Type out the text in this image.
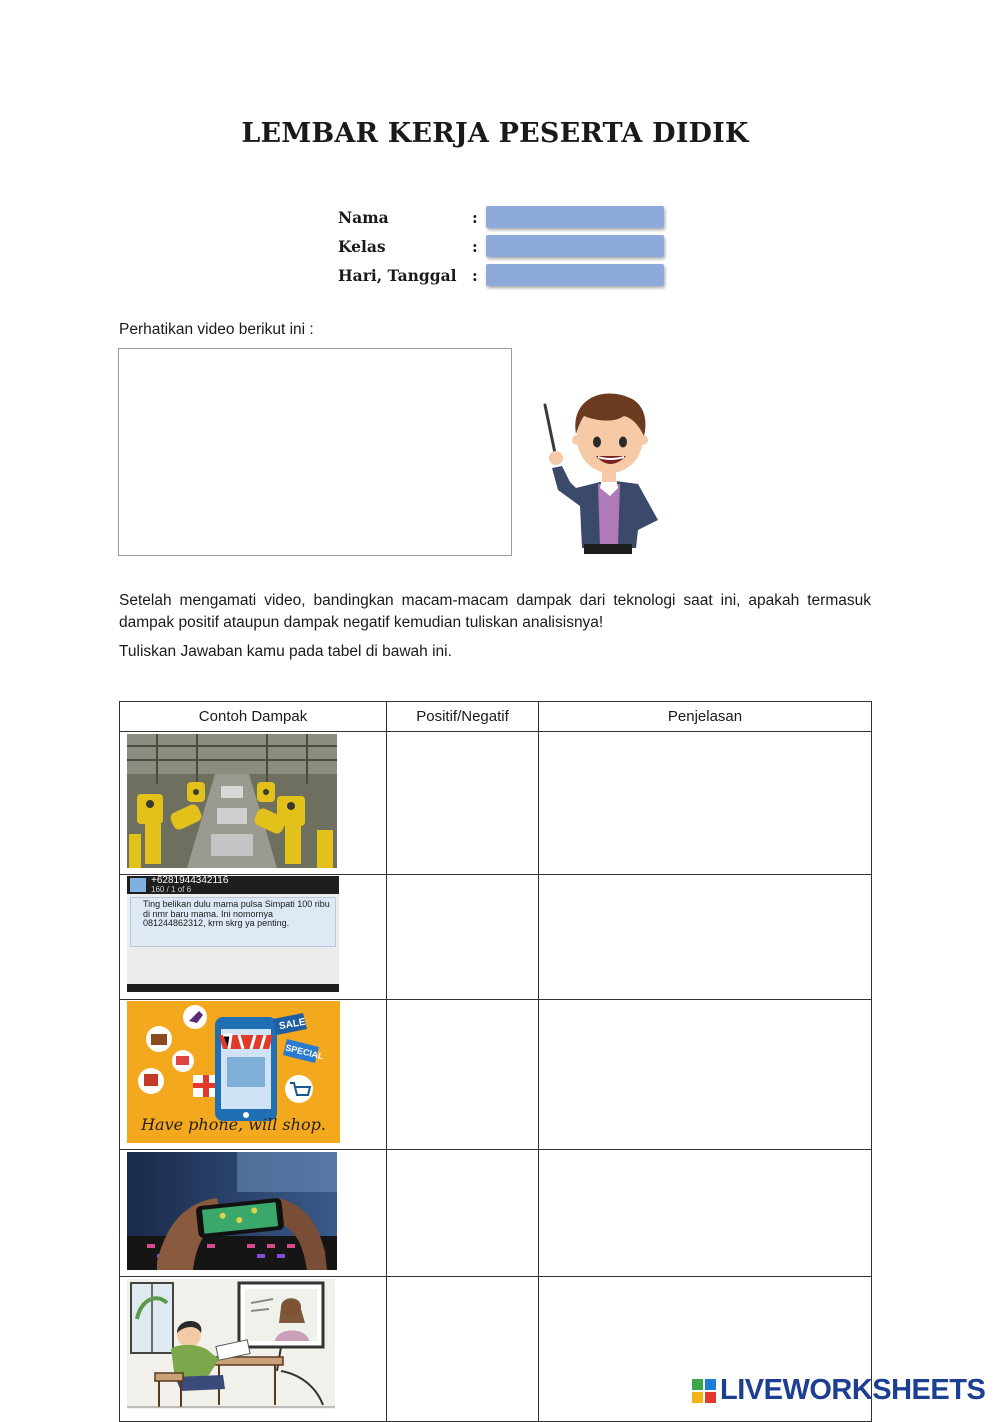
LEMBAR KERJA PESERTA DIDIK
Nama	:
Kelas	:
Hari, Tanggal :
Perhatikan video berikut ini :
Setelah mengamati video, bandingkan macam-macam dampak dari teknologi saat ini, apakah termasuk dampak positif ataupun dampak negatif kemudian tuliskan analisisnya!
Tuliskan Jawaban kamu pada tabel di bawah ini.
Contoh Dampak	Positif/Negatif	Penjelasan

+6281944342116
160 / 1 of 6
Ting belikan dulu mama pulsa Simpati 100 ribu di nmr baru mama. Ini nomornya 081244862312, krm skrg ya penting.		

SALE
SPECIAL
Have phone, will shop.		

LIVEWORKSHEETS
